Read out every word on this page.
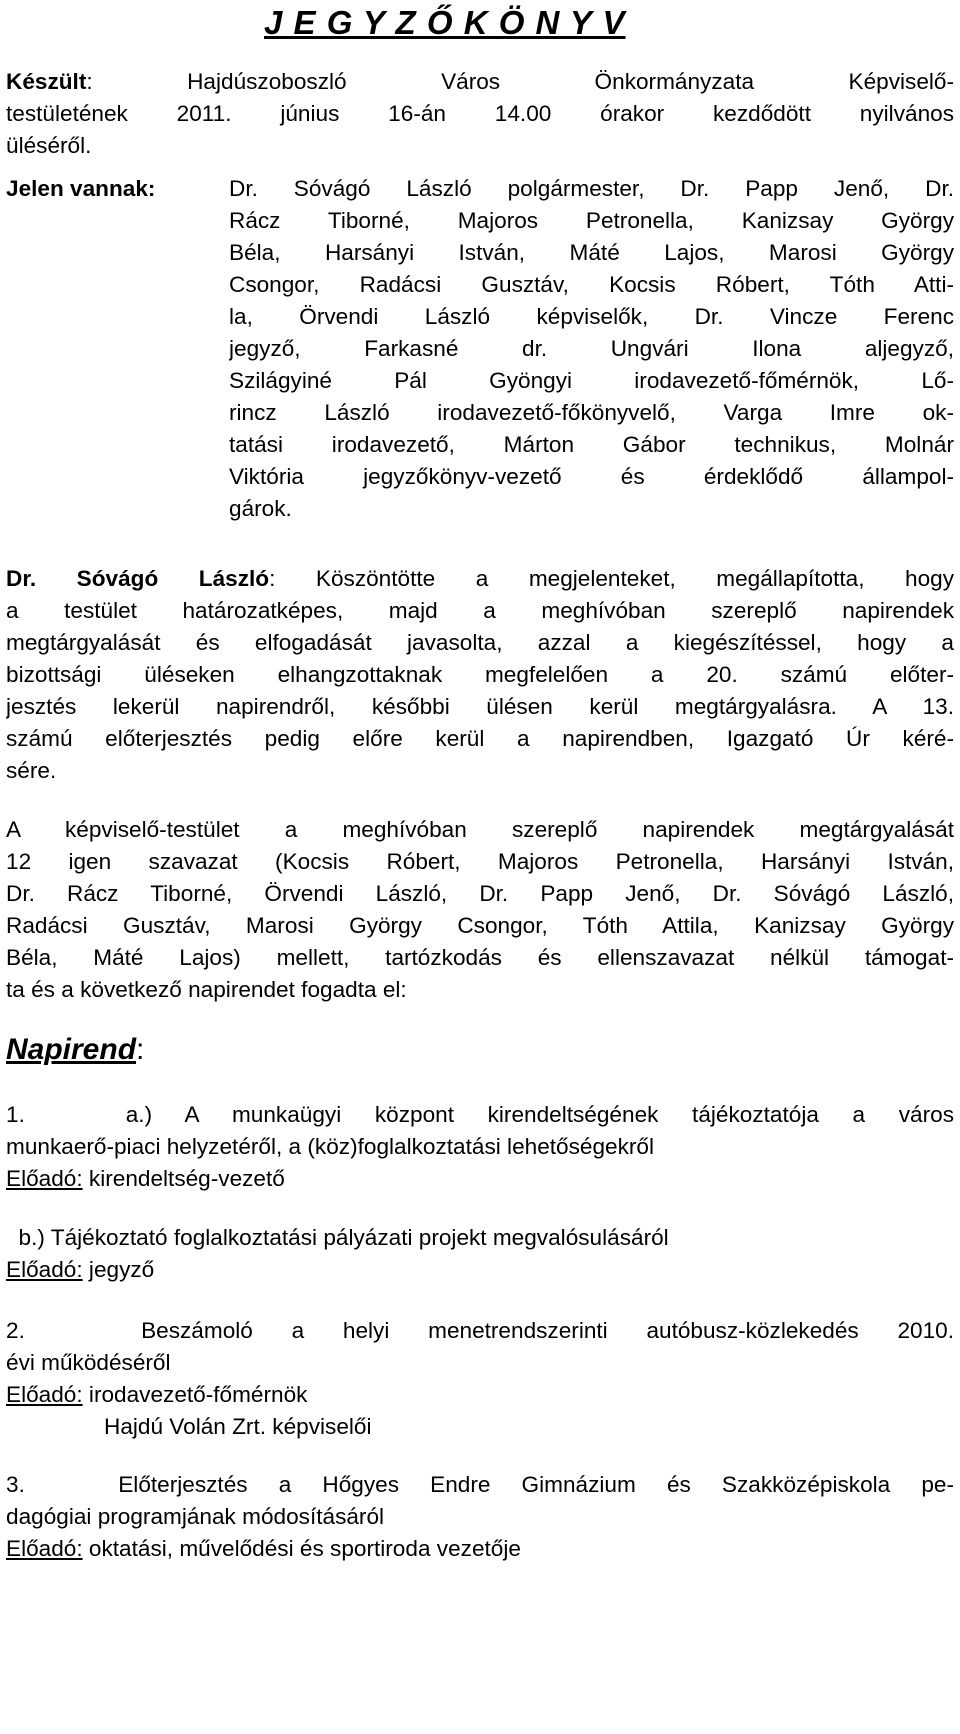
J E G Y Z Ő K Ö N Y V
Készült: Hajdúszoboszló Város Önkormányzata Képviselő-
testületének 2011. június 16-án 14.00 órakor kezdődött nyilvános
üléséről.
Jelen vannak:	Dr. Sóvágó László polgármester, Dr. Papp Jenő, Dr.
Rácz Tiborné, Majoros Petronella, Kanizsay György
Béla, Harsányi István, Máté Lajos, Marosi György
Csongor, Radácsi Gusztáv, Kocsis Róbert, Tóth Atti-
la, Örvendi László képviselők, Dr. Vincze Ferenc
jegyző, Farkasné dr. Ungvári Ilona aljegyző,
Szilágyiné Pál Gyöngyi irodavezető-főmérnök, Lő-
rincz László irodavezető-főkönyvelő, Varga Imre ok-
tatási irodavezető, Márton Gábor technikus, Molnár
Viktória jegyzőkönyv-vezető és érdeklődő állampol-
gárok.
Dr. Sóvágó László: Köszöntötte a megjelenteket, megállapította, hogy
a testület határozatképes, majd a meghívóban szereplő napirendek
megtárgyalását és elfogadását javasolta, azzal a kiegészítéssel, hogy a
bizottsági üléseken elhangzottaknak megfelelően a 20. számú előter-
jesztés lekerül napirendről, későbbi ülésen kerül megtárgyalásra. A 13.
számú előterjesztés pedig előre kerül a napirendben, Igazgató Úr kéré-
sére.
A képviselő-testület a meghívóban szereplő napirendek megtárgyalását
12 igen szavazat (Kocsis Róbert, Majoros Petronella, Harsányi István,
Dr. Rácz Tiborné, Örvendi László, Dr. Papp Jenő, Dr. Sóvágó László,
Radácsi Gusztáv, Marosi György Csongor, Tóth Attila, Kanizsay György
Béla, Máté Lajos) mellett, tartózkodás és ellenszavazat nélkül támogat-
ta és a következő napirendet fogadta el:
Napirend:
1.   a.) A munkaügyi központ kirendeltségének tájékoztatója a város
munkaerő-piaci helyzetéről, a (köz)foglalkoztatási lehetőségekről
Előadó: kirendeltség-vezető
b.) Tájékoztató foglalkoztatási pályázati projekt megvalósulásáról
Előadó: jegyző
2.   Beszámoló a helyi menetrendszerinti autóbusz-közlekedés 2010.
évi működéséről
Előadó: irodavezető-főmérnök
Hajdú Volán Zrt. képviselői
3.   Előterjesztés a Hőgyes Endre Gimnázium és Szakközépiskola pe-
dagógiai programjának módosításáról
Előadó: oktatási, művelődési és sportiroda vezetője
